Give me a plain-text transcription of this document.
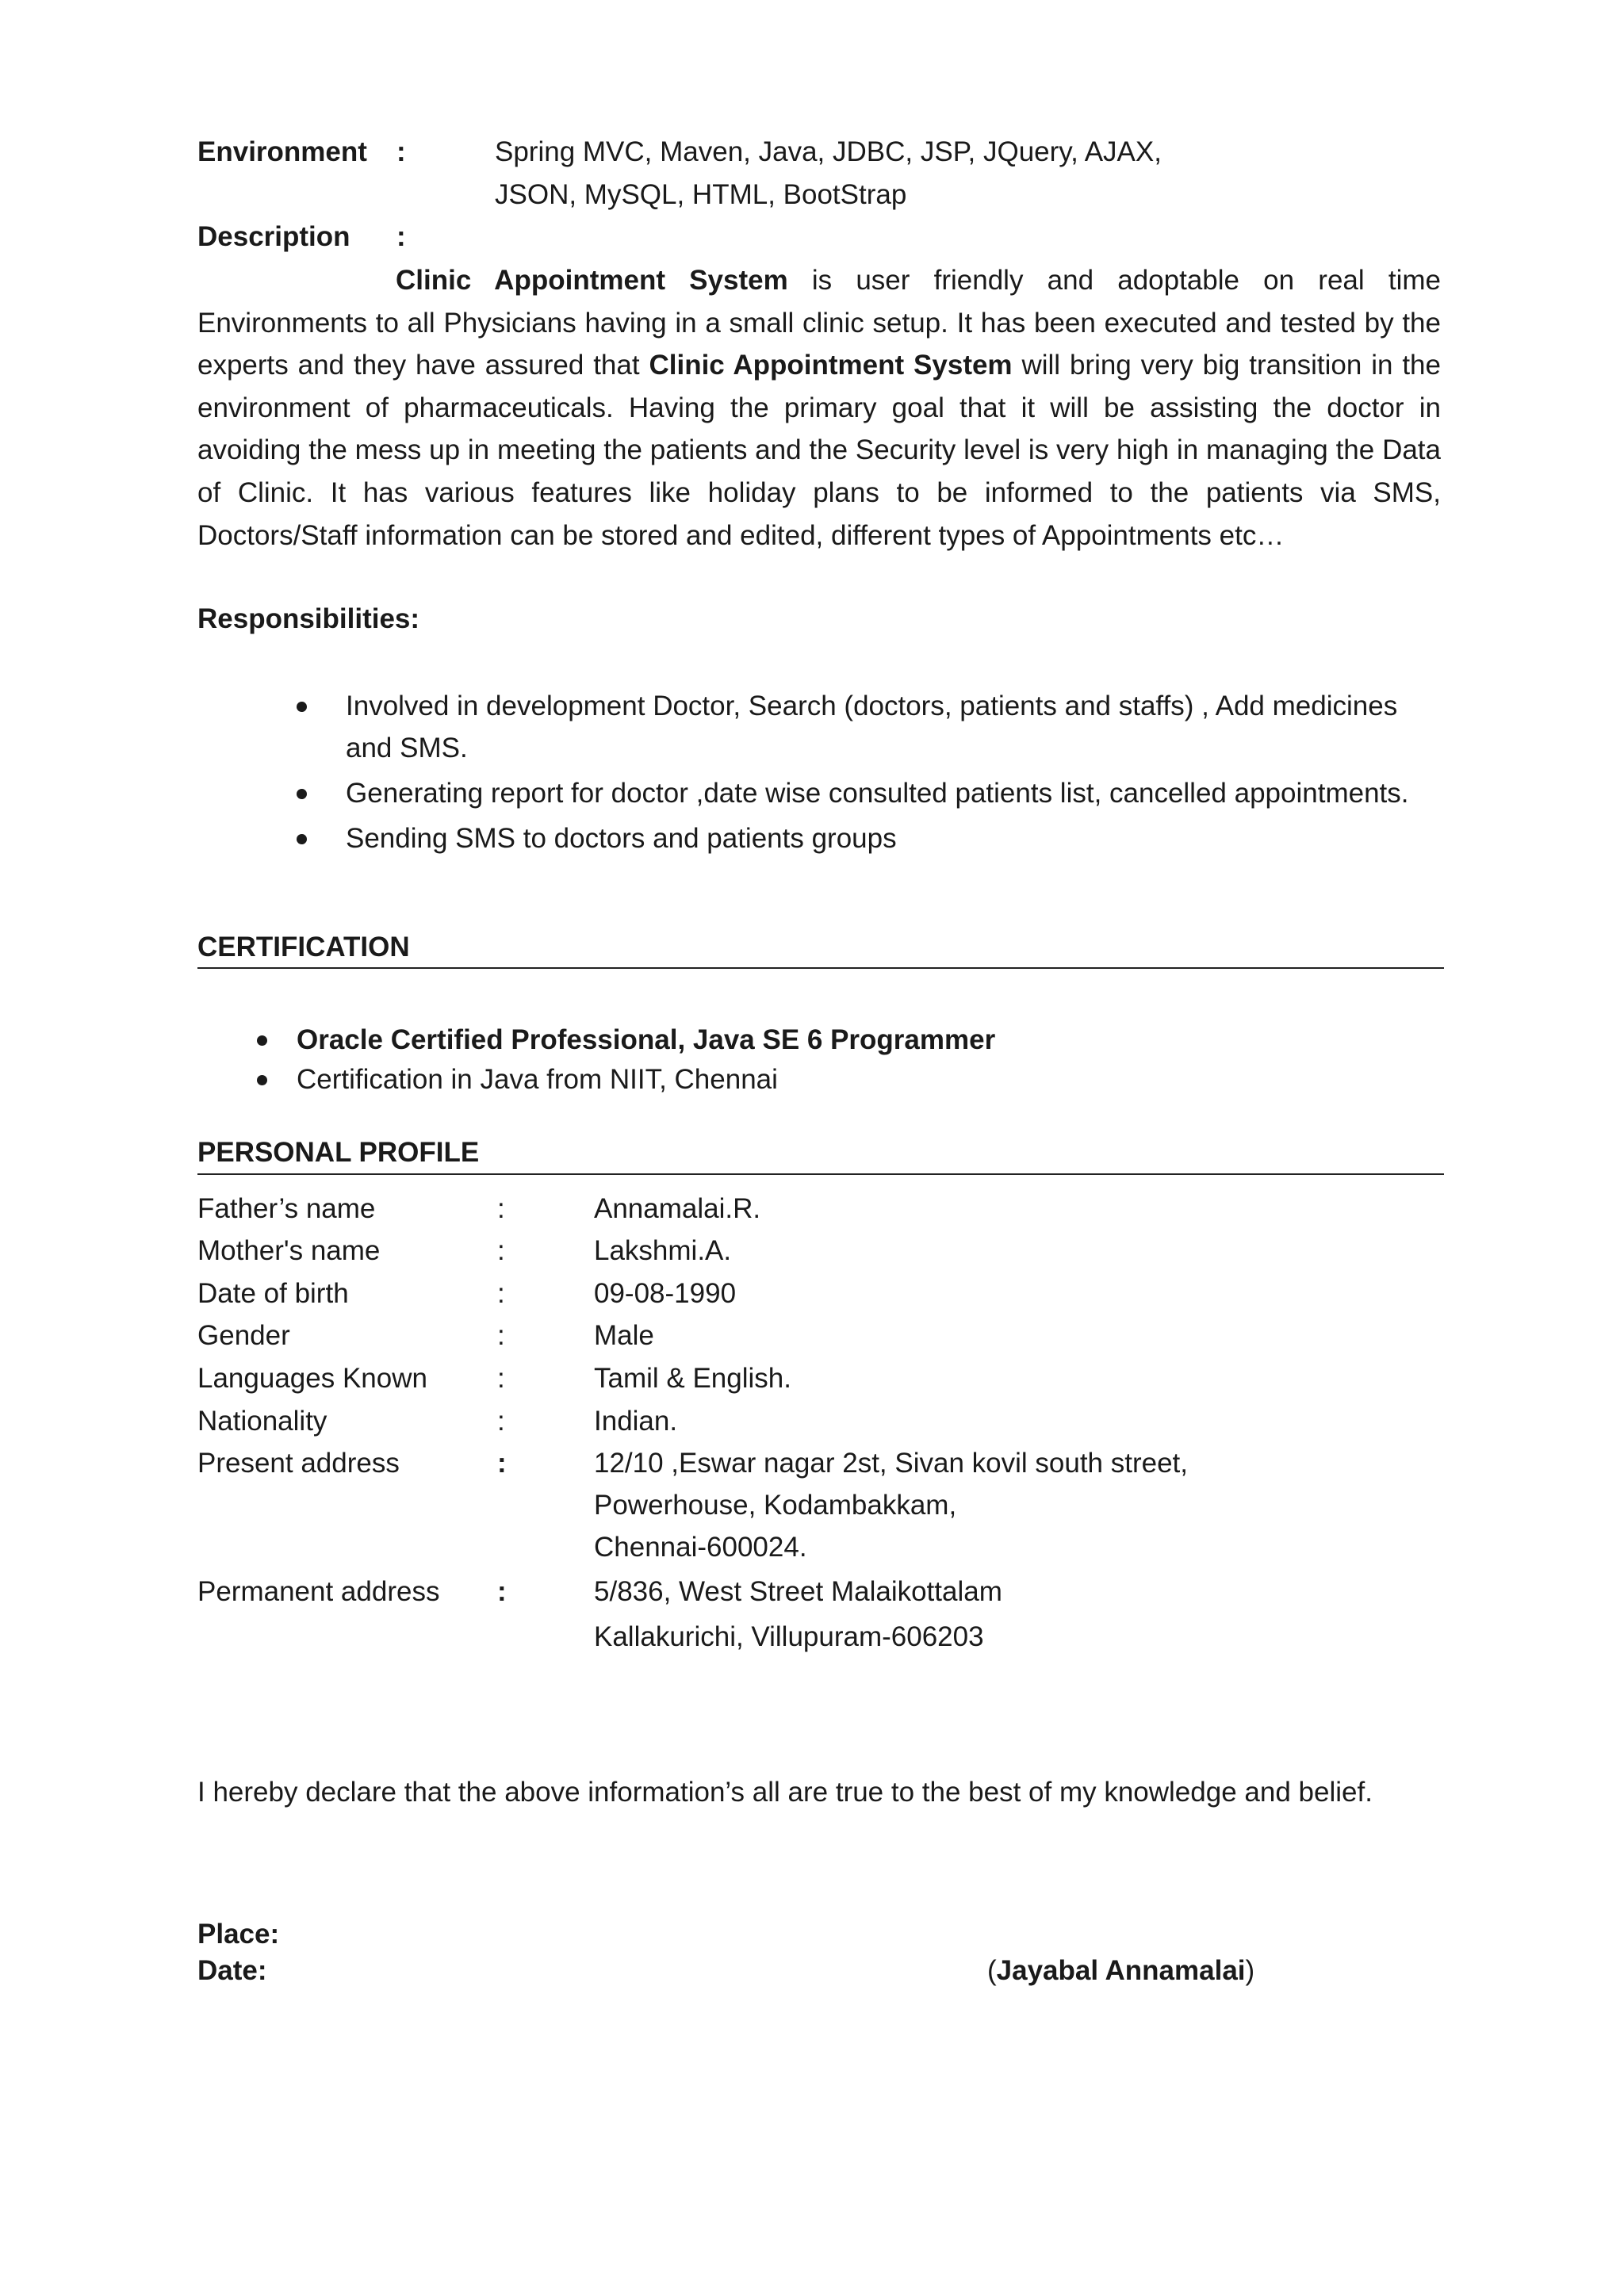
Environment :	Spring MVC, Maven, Java, JDBC, JSP, JQuery, AJAX,
JSON, MySQL, HTML, BootStrap
Description :
Clinic Appointment System is user friendly and adoptable on real time Environments to all Physicians having in a small clinic setup. It has been executed and tested by the experts and they have assured that Clinic Appointment System will bring very big transition in the environment of pharmaceuticals. Having the primary goal that it will be assisting the doctor in avoiding the mess up in meeting the patients and the Security level is very high in managing the Data of Clinic. It has various features like holiday plans to be informed to the patients via SMS, Doctors/Staff information can be stored and edited, different types of Appointments etc…
Responsibilities:
Involved in development Doctor, Search (doctors, patients and staffs) , Add medicines and SMS.
Generating report for doctor ,date wise consulted patients list, cancelled appointments.
Sending SMS to doctors and patients groups
CERTIFICATION
Oracle Certified Professional, Java SE 6 Programmer
Certification in Java from NIIT, Chennai
PERSONAL PROFILE
Father’s name	:	Annamalai.R.
Mother's name	:	Lakshmi.A.
Date of birth	:	09-08-1990
Gender	:	Male
Languages Known	:	Tamil & English.
Nationality	:	Indian.
Present address	:	12/10 ,Eswar nagar 2st, Sivan kovil south street,
Powerhouse, Kodambakkam,
Chennai-600024.
Permanent address :	5/836, West Street Malaikottalam
Kallakurichi, Villupuram-606203
I hereby declare that the above information’s all are true to the best of my knowledge and belief.
Place:
Date:	(Jayabal Annamalai)
